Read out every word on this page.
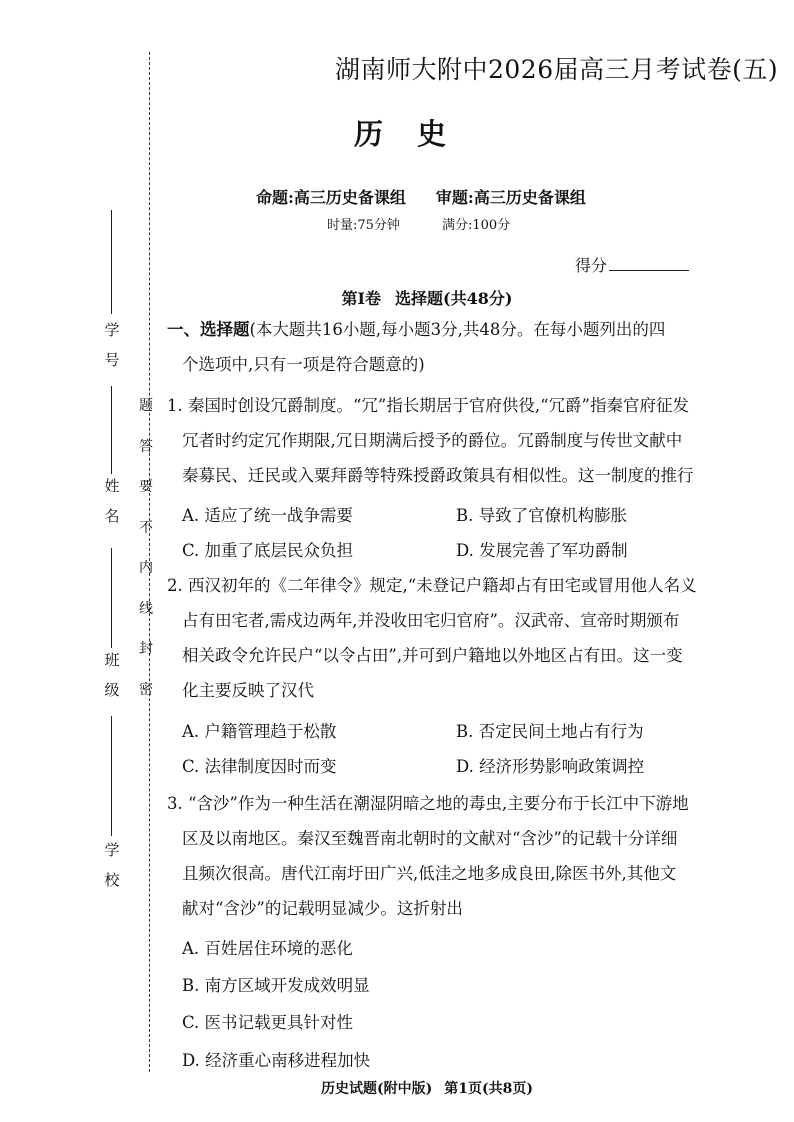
题
答
要
不
内
线
封
密
学
号
姓
名
班
级
学
校
湖南师大附中2026届高三月考试卷(五)
历史
命题:高三历史备课组 审题:高三历史备课组
时量:75分钟	满分:100分
得分
第Ⅰ卷 选择题(共48分)
一、选择题(本大题共16小题,每小题3分,共48分。在每小题列出的四
个选项中,只有一项是符合题意的)
1. 秦国时创设冗爵制度。“冗”指长期居于官府供役,“冗爵”指秦官府征发
冗者时约定冗作期限,冗日期满后授予的爵位。冗爵制度与传世文献中
秦募民、迁民或入粟拜爵等特殊授爵政策具有相似性。这一制度的推行
A. 适应了统一战争需要	B. 导致了官僚机构膨胀
C. 加重了底层民众负担	D. 发展完善了军功爵制
2. 西汉初年的《二年律令》规定,“未登记户籍却占有田宅或冒用他人名义
占有田宅者,需戍边两年,并没收田宅归官府”。汉武帝、宣帝时期颁布
相关政令允许民户“以令占田”,并可到户籍地以外地区占有田。这一变
化主要反映了汉代
A. 户籍管理趋于松散	B. 否定民间土地占有行为
C. 法律制度因时而变	D. 经济形势影响政策调控
3. “含沙”作为一种生活在潮湿阴暗之地的毒虫,主要分布于长江中下游地
区及以南地区。秦汉至魏晋南北朝时的文献对“含沙”的记载十分详细
且频次很高。唐代江南圩田广兴,低洼之地多成良田,除医书外,其他文
献对“含沙”的记载明显减少。这折射出
A. 百姓居住环境的恶化
B. 南方区域开发成效明显
C. 医书记载更具针对性
D. 经济重心南移进程加快
历史试题(附中版) 第1页(共8页)
